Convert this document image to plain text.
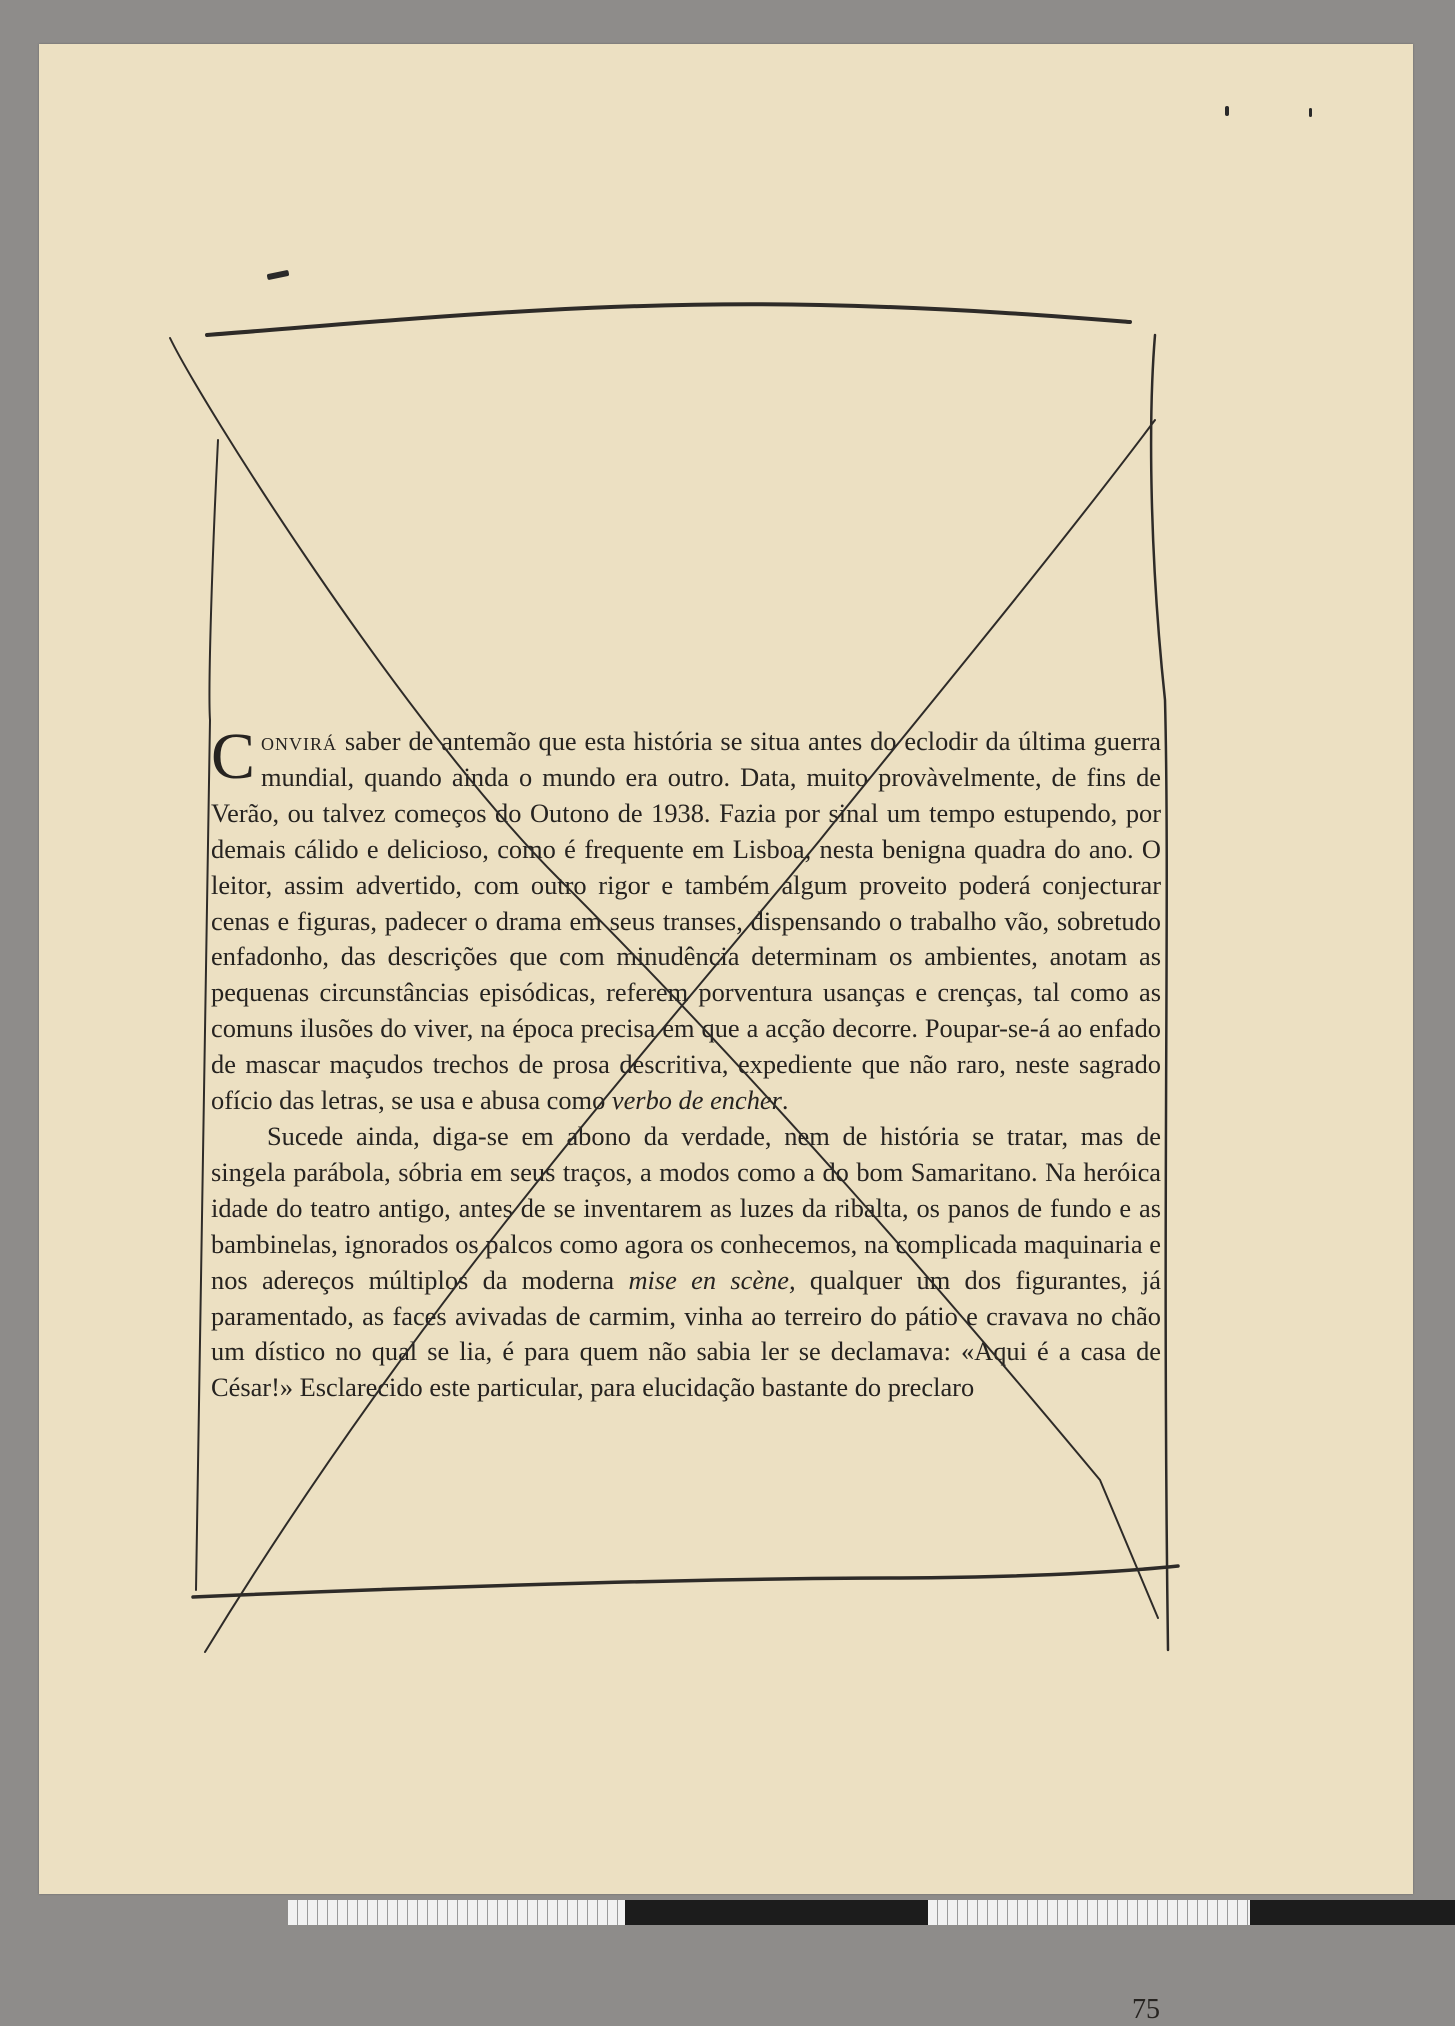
Convirá saber de antemão que esta história se situa antes do eclodir da última guerra mundial, quando ainda o mundo era outro. Data, muito provàvelmente, de fins de Verão, ou talvez começos do Outono de 1938. Fazia por sinal um tempo estupendo, por demais cálido e delicioso, como é frequente em Lisboa, nesta benigna quadra do ano. O leitor, assim advertido, com outro rigor e também algum proveito poderá conjecturar cenas e figuras, padecer o drama em seus transes, dispensando o trabalho vão, sobretudo enfadonho, das descrições que com minudência determinam os ambientes, anotam as pequenas circunstâncias episódicas, referem porventura usanças e crenças, tal como as comuns ilusões do viver, na época precisa em que a acção decorre. Poupar-se-á ao enfado de mascar maçudos trechos de prosa descritiva, expediente que não raro, neste sagrado ofício das letras, se usa e abusa como verbo de encher.

Sucede ainda, diga-se em abono da verdade, nem de história se tratar, mas de singela parábola, sóbria em seus traços, a modos como a do bom Samaritano. Na heróica idade do teatro antigo, antes de se inventarem as luzes da ribalta, os panos de fundo e as bambinelas, ignorados os palcos como agora os conhecemos, na complicada maquinaria e nos adereços múltiplos da moderna mise en scène, qualquer um dos figurantes, já paramentado, as faces avivadas de carmim, vinha ao terreiro do pátio e cravava no chão um dístico no qual se lia, é para quem não sabia ler se declamava: «Aqui é a casa de César!» Esclarecido este particular, para elucidação bastante do preclaro

75
